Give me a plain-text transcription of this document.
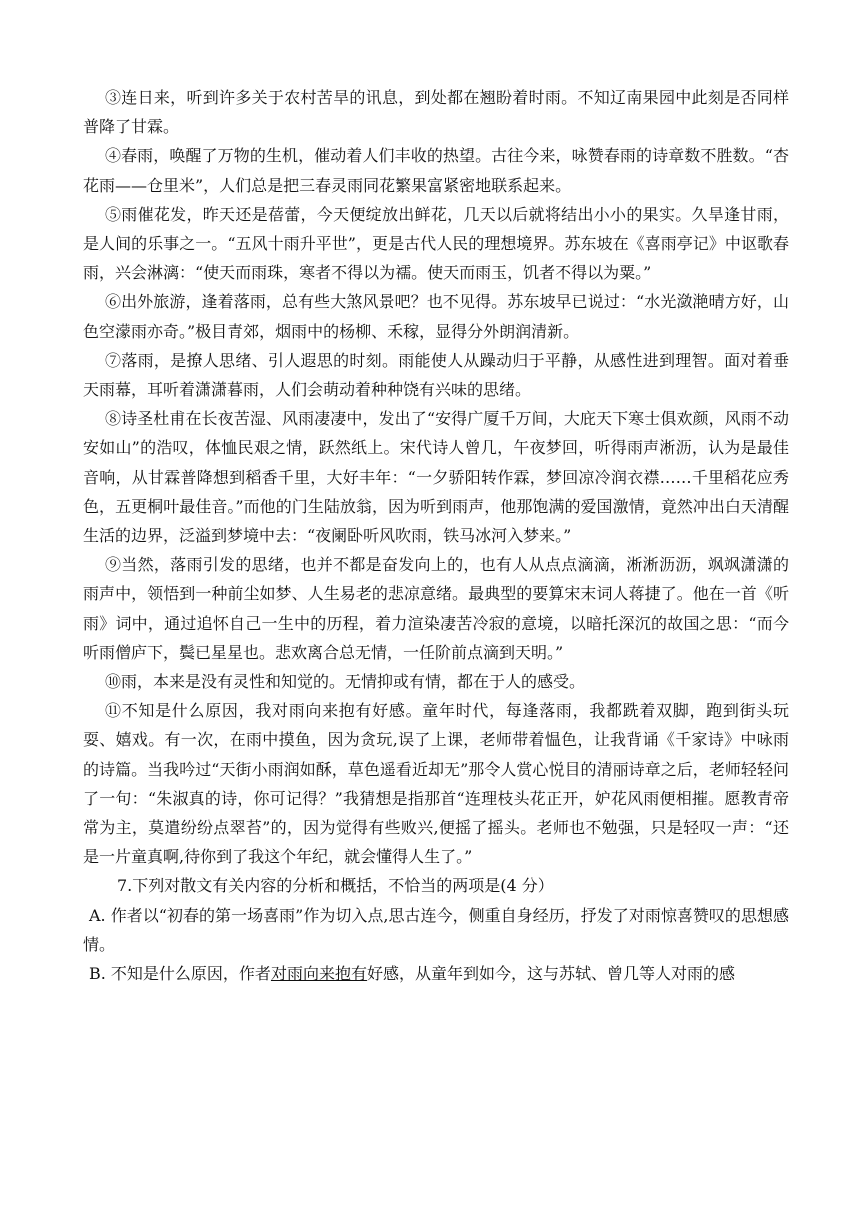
③连日来，听到许多关于农村苦旱的讯息，到处都在翘盼着时雨。不知辽南果园中此刻是否同样普降了甘霖。

④春雨，唤醒了万物的生机，催动着人们丰收的热望。古往今来，咏赞春雨的诗章数不胜数。“杏花雨——仓里米”，人们总是把三春灵雨同花繁果富紧密地联系起来。

⑤雨催花发，昨天还是蓓蕾，今天便绽放出鲜花，几天以后就将结出小小的果实。久旱逢甘雨，是人间的乐事之一。“五风十雨升平世”，更是古代人民的理想境界。苏东坡在《喜雨亭记》中讴歌春雨，兴会淋漓：“使天而雨珠，寒者不得以为襦。使天而雨玉，饥者不得以为粟。”

⑥出外旅游，逢着落雨，总有些大煞风景吧？也不见得。苏东坡早已说过：“水光潋滟晴方好，山色空濛雨亦奇。”极目青郊，烟雨中的杨柳、禾稼，显得分外朗润清新。

⑦落雨，是撩人思绪、引人遐思的时刻。雨能使人从躁动归于平静，从感性进到理智。面对着垂天雨幕，耳听着潇潇暮雨，人们会萌动着种种饶有兴味的思绪。

⑧诗圣杜甫在长夜苦湿、风雨凄凄中，发出了“安得广厦千万间，大庇天下寒士俱欢颜，风雨不动安如山”的浩叹，体恤民艰之情，跃然纸上。宋代诗人曾几，午夜梦回，听得雨声淅沥，认为是最佳音响，从甘霖普降想到稻香千里，大好丰年：“一夕骄阳转作霖，梦回凉冷润衣襟……千里稻花应秀色，五更桐叶最佳音。”而他的门生陆放翁，因为听到雨声，他那饱满的爱国激情，竟然冲出白天清醒生活的边界，泛溢到梦境中去：“夜阑卧听风吹雨，铁马冰河入梦来。”

⑨当然，落雨引发的思绪，也并不都是奋发向上的，也有人从点点滴滴，淅淅沥沥，飒飒潇潇的雨声中，领悟到一种前尘如梦、人生易老的悲凉意绪。最典型的要算宋末词人蒋捷了。他在一首《听雨》词中，通过追怀自己一生中的历程，着力渲染凄苦冷寂的意境，以暗托深沉的故国之思：“而今听雨僧庐下，鬓已星星也。悲欢离合总无情，一任阶前点滴到天明。”

⑩雨，本来是没有灵性和知觉的。无情抑或有情，都在于人的感受。

⑪不知是什么原因，我对雨向来抱有好感。童年时代，每逢落雨，我都跣着双脚，跑到街头玩耍、嬉戏。有一次，在雨中摸鱼，因为贪玩,误了上课，老师带着愠色，让我背诵《千家诗》中咏雨的诗篇。当我吟过“天街小雨润如酥，草色遥看近却无”那令人赏心悦目的清丽诗章之后，老师轻轻问了一句：“朱淑真的诗，你可记得？”我猜想是指那首“连理枝头花正开，妒花风雨便相摧。愿教青帝常为主，莫遣纷纷点翠苔”的，因为觉得有些败兴,便摇了摇头。老师也不勉强，只是轻叹一声：“还是一片童真啊,待你到了我这个年纪，就会懂得人生了。”

7.下列对散文有关内容的分析和概括，不恰当的两项是(4 分）

A. 作者以“初春的第一场喜雨”作为切入点,思古连今，侧重自身经历，抒发了对雨惊喜赞叹的思想感情。

B. 不知是什么原因，作者对雨向来抱有好感，从童年到如今，这与苏轼、曾几等人对雨的感
